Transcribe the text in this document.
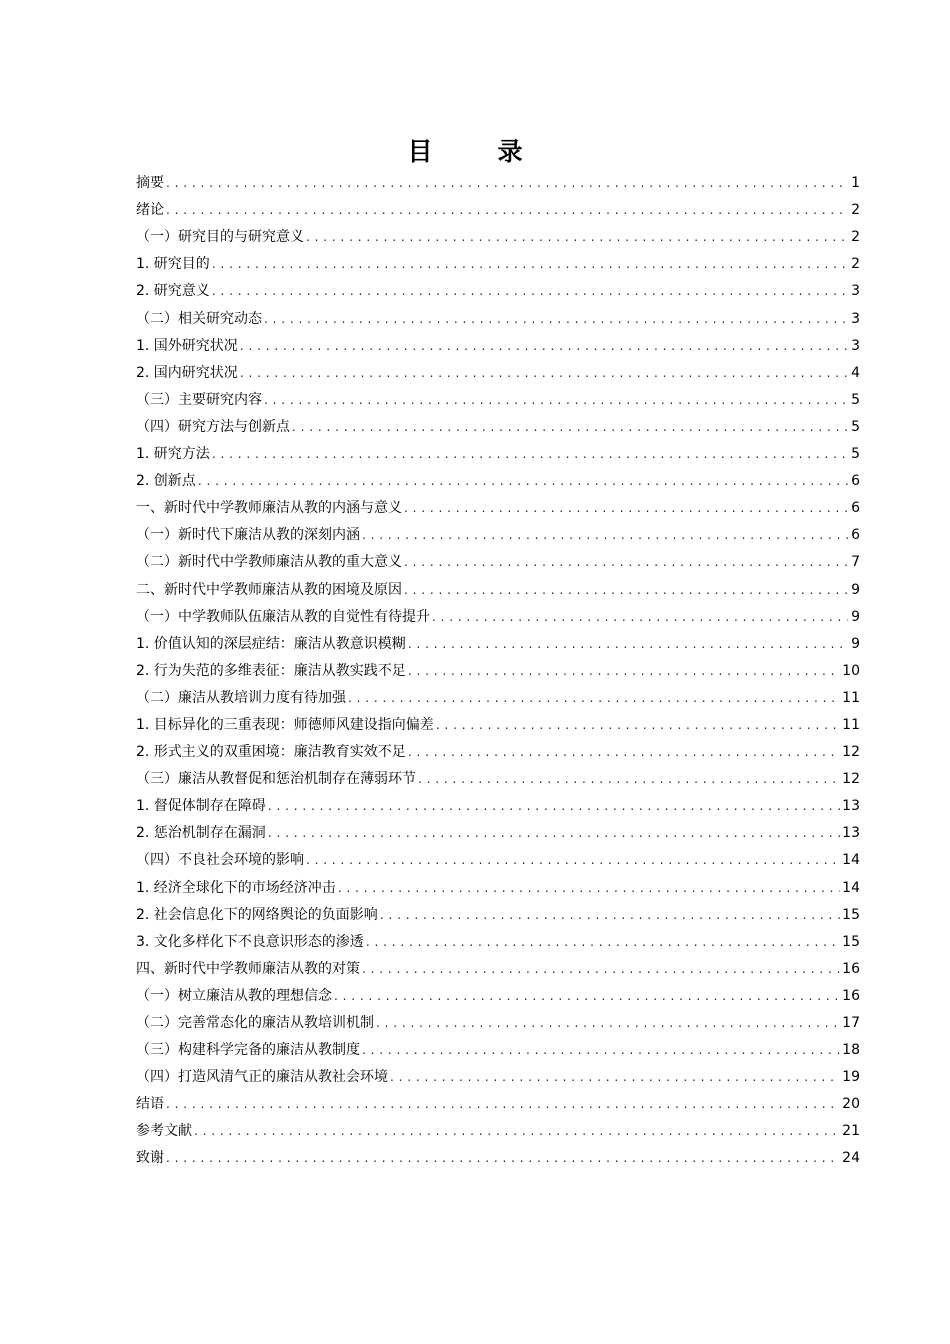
目　录
摘要 . . .	1
绪论 . . .	2
（一）研究目的与研究意义 . . .	2
1. 研究目的 . . .	2
2. 研究意义 . . .	3
（二）相关研究动态 . . .	3
1. 国外研究状况 . . .	3
2. 国内研究状况 . . .	4
（三）主要研究内容 . . .	5
（四）研究方法与创新点 . . .	5
1. 研究方法 . . .	5
2. 创新点 . . .	6
一、新时代中学教师廉洁从教的内涵与意义 . . .	6
（一）新时代下廉洁从教的深刻内涵 . . .	6
（二）新时代中学教师廉洁从教的重大意义 . . .	7
二、新时代中学教师廉洁从教的困境及原因 . . .	9
（一）中学教师队伍廉洁从教的自觉性有待提升 . . .	9
1. 价值认知的深层症结：廉洁从教意识模糊 . . .	9
2. 行为失范的多维表征：廉洁从教实践不足 . . .	10
（二）廉洁从教培训力度有待加强 . . .	11
1. 目标异化的三重表现：师德师风建设指向偏差 . . .	11
2. 形式主义的双重困境：廉洁教育实效不足 . . .	12
（三）廉洁从教督促和惩治机制存在薄弱环节 . . .	12
1. 督促体制存在障碍 . . .	13
2. 惩治机制存在漏洞 . . .	13
（四）不良社会环境的影响 . . .	14
1. 经济全球化下的市场经济冲击 . . .	14
2. 社会信息化下的网络舆论的负面影响 . . .	15
3. 文化多样化下不良意识形态的渗透 . . .	15
四、新时代中学教师廉洁从教的对策 . . .	16
（一）树立廉洁从教的理想信念 . . .	16
（二）完善常态化的廉洁从教培训机制 . . .	17
（三）构建科学完备的廉洁从教制度 . . .	18
（四）打造风清气正的廉洁从教社会环境 . . .	19
结语 . . .	20
参考文献 . . .	21
致谢 . . .	24
